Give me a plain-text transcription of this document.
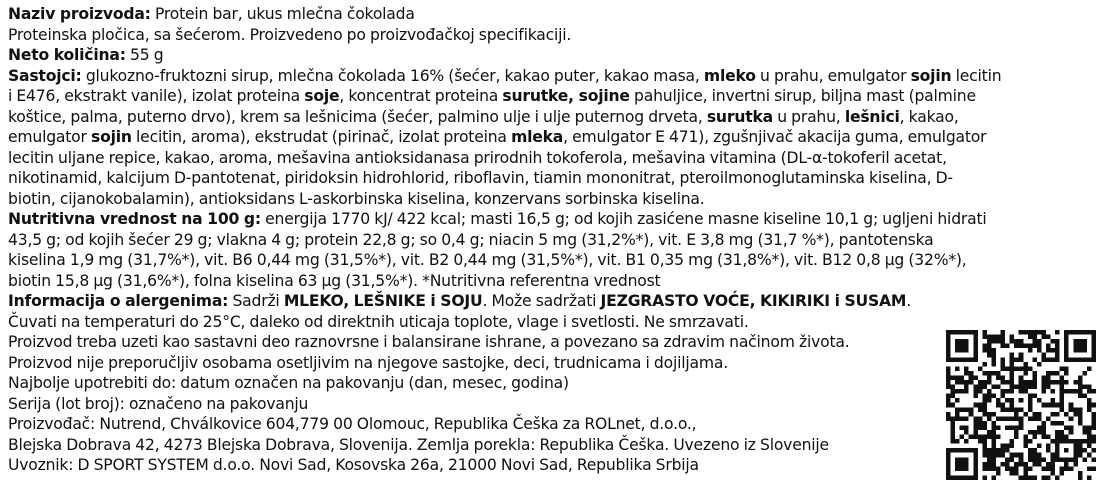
Naziv proizvoda: Protein bar, ukus mlečna čokolada
Proteinska pločica, sa šećerom. Proizvedeno po proizvođačkoj specifikaciji.
Neto količina: 55 g
Sastojci: glukozno-fruktozni sirup, mlečna čokolada 16% (šećer, kakao puter, kakao masa, mleko u prahu, emulgator sojin lecitin
i E476, ekstrakt vanile), izolat proteina soje, koncentrat proteina surutke, sojine pahuljice, invertni sirup, biljna mast (palmine
koštice, palma, puterno drvo), krem sa lešnicima (šećer, palmino ulje i ulje puternog drveta, surutka u prahu, lešnici, kakao,
emulgator sojin lecitin, aroma), ekstrudat (pirinač, izolat proteina mleka, emulgator E 471), zgušnjivač akacija guma, emulgator
lecitin uljane repice, kakao, aroma, mešavina antioksidanasa prirodnih tokoferola, mešavina vitamina (DL-α-tokoferil acetat,
nikotinamid, kalcijum D-pantotenat, piridoksin hidrohlorid, riboflavin, tiamin mononitrat, pteroilmonoglutaminska kiselina, D-
biotin, cijanokobalamin), antioksidans L-askorbinska kiselina, konzervans sorbinska kiselina.
Nutritivna vrednost na 100 g: energija 1770 kJ/ 422 kcal; masti 16,5 g; od kojih zasićene masne kiseline 10,1 g; ugljeni hidrati
43,5 g; od kojih šećer 29 g; vlakna 4 g; protein 22,8 g; so 0,4 g; niacin 5 mg (31,2%*), vit. E 3,8 mg (31,7 %*), pantotenska
kiselina 1,9 mg (31,7%*), vit. B6 0,44 mg (31,5%*), vit. B2 0,44 mg (31,5%*), vit. B1 0,35 mg (31,8%*), vit. B12 0,8 µg (32%*),
biotin 15,8 µg (31,6%*), folna kiselina 63 µg (31,5%*). *Nutritivna referentna vrednost
Informacija o alergenima: Sadrži MLEKO, LEŠNIKE i SOJU. Može sadržati JEZGRASTO VOĆE, KIKIRIKI i SUSAM.
Čuvati na temperaturi do 25°C, daleko od direktnih uticaja toplote, vlage i svetlosti. Ne smrzavati.
Proizvod treba uzeti kao sastavni deo raznovrsne i balansirane ishrane, a povezano sa zdravim načinom života.
Proizvod nije preporučljiv osobama osetljivim na njegove sastojke, deci, trudnicama i dojiljama.
Najbolje upotrebiti do: datum označen na pakovanju (dan, mesec, godina)
Serija (lot broj): označeno na pakovanju
Proizvođač: Nutrend, Chválkovice 604,779 00 Olomouc, Republika Češka za ROLnet, d.o.o.,
Blejska Dobrava 42, 4273 Blejska Dobrava, Slovenija. Zemlja porekla: Republika Češka. Uvezeno iz Slovenije
Uvoznik: D SPORT SYSTEM d.o.o. Novi Sad, Kosovska 26a, 21000 Novi Sad, Republika Srbija
